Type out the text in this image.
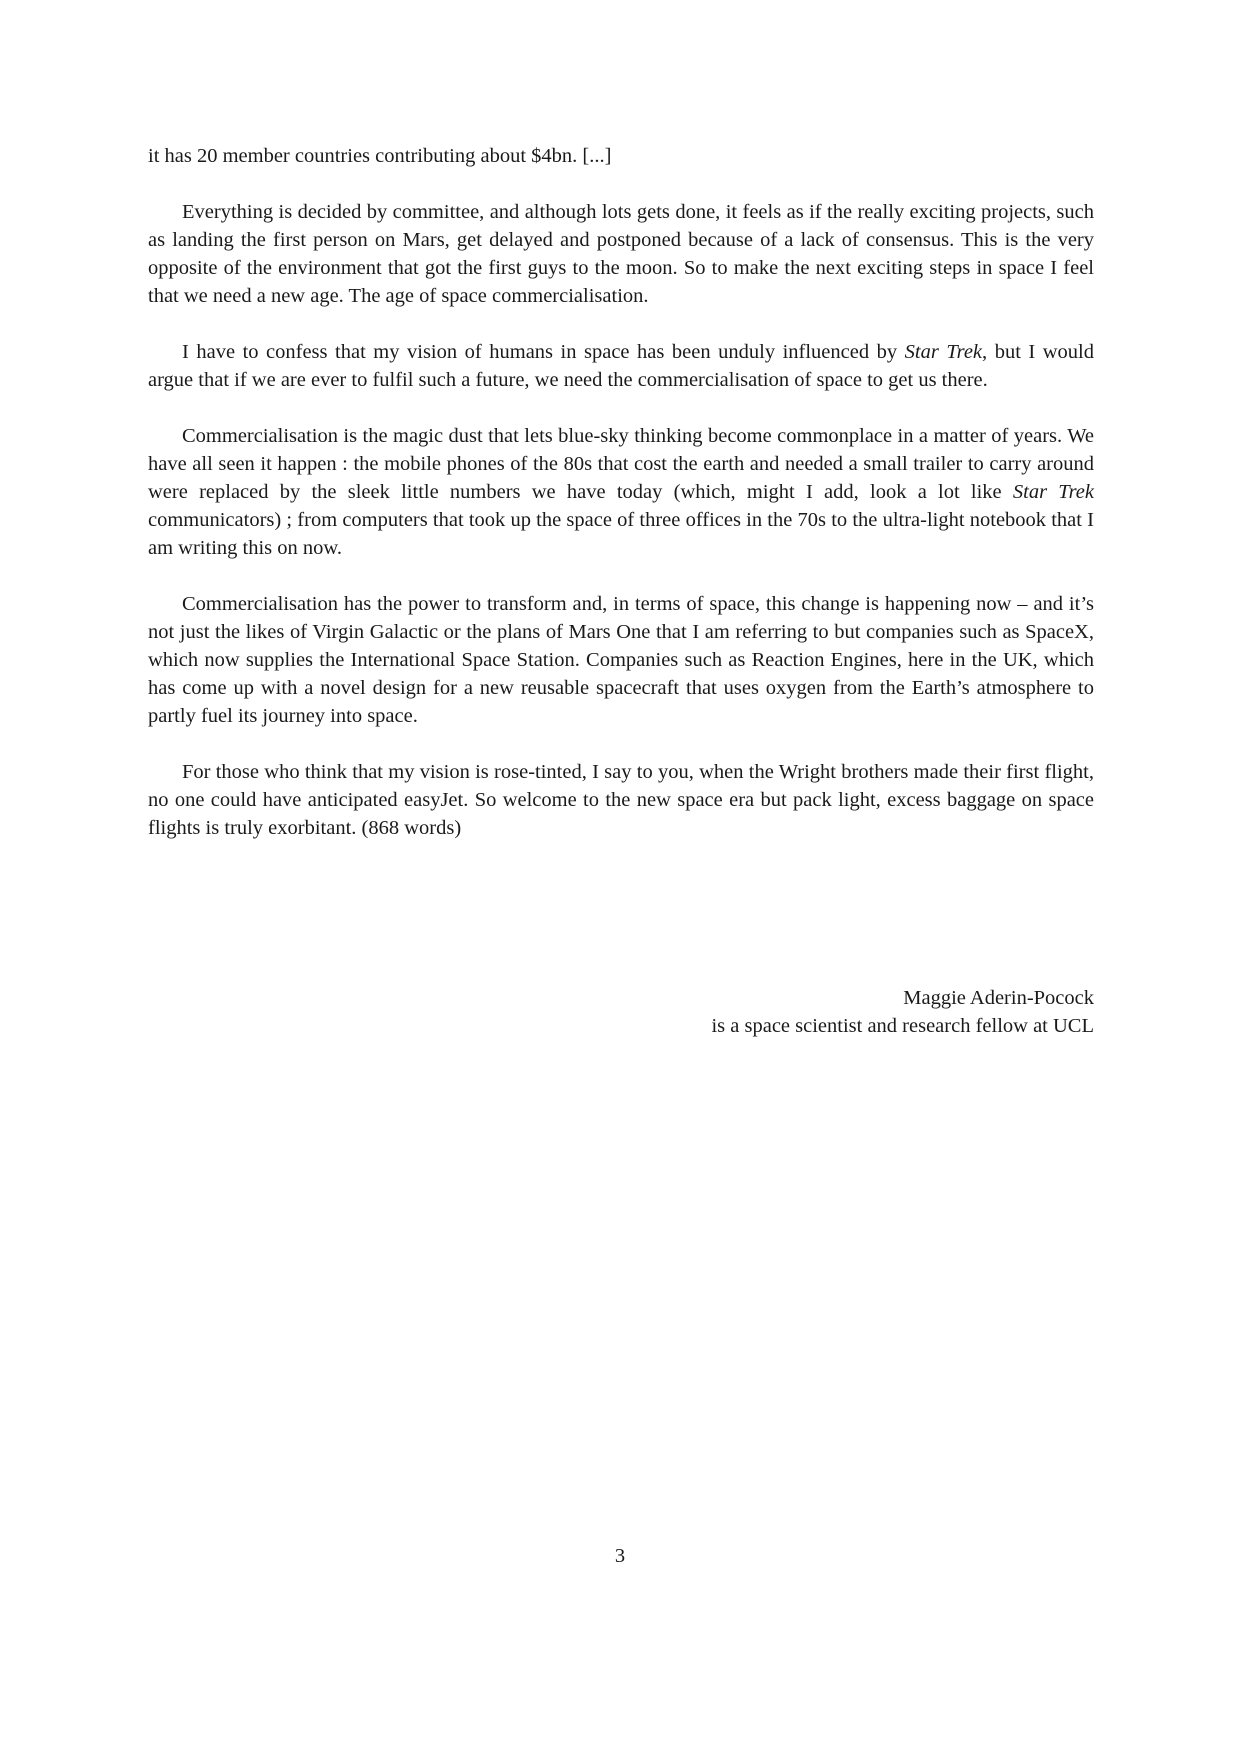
it has 20 member countries contributing about $4bn. [...]

Everything is decided by committee, and although lots gets done, it feels as if the really exciting projects, such as landing the first person on Mars, get delayed and postponed because of a lack of consensus. This is the very opposite of the environment that got the first guys to the moon. So to make the next exciting steps in space I feel that we need a new age. The age of space commercialisation.

I have to confess that my vision of humans in space has been unduly influenced by Star Trek, but I would argue that if we are ever to fulfil such a future, we need the commercialisation of space to get us there.

Commercialisation is the magic dust that lets blue-sky thinking become commonplace in a matter of years. We have all seen it happen : the mobile phones of the 80s that cost the earth and needed a small trailer to carry around were replaced by the sleek little numbers we have today (which, might I add, look a lot like Star Trek communicators) ; from computers that took up the space of three offices in the 70s to the ultra-light notebook that I am writing this on now.

Commercialisation has the power to transform and, in terms of space, this change is happening now – and it’s not just the likes of Virgin Galactic or the plans of Mars One that I am referring to but companies such as SpaceX, which now supplies the International Space Station. Companies such as Reaction Engines, here in the UK, which has come up with a novel design for a new reusable spacecraft that uses oxygen from the Earth’s atmosphere to partly fuel its journey into space.

For those who think that my vision is rose-tinted, I say to you, when the Wright brothers made their first flight, no one could have anticipated easyJet. So welcome to the new space era but pack light, excess baggage on space flights is truly exorbitant. (868 words)

Maggie Aderin-Pocock
is a space scientist and research fellow at UCL
3
